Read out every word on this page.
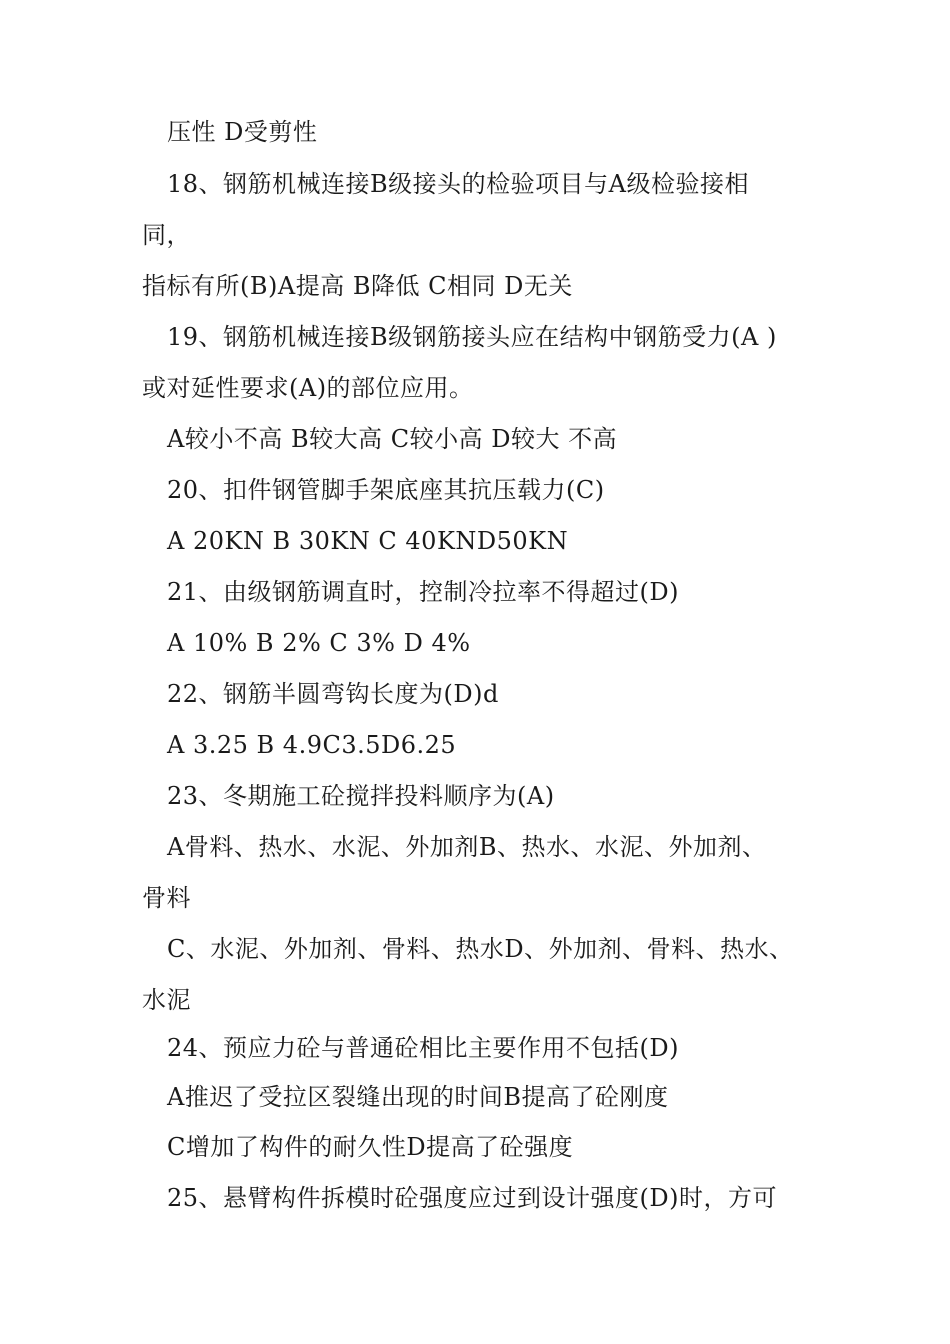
压性 D受剪性
18、钢筋机械连接B级接头的检验项目与A级检验接相
同，
指标有所(B)A提高 B降低 C相同 D无关
19、钢筋机械连接B级钢筋接头应在结构中钢筋受力(A )
或对延性要求(A)的部位应用。
A较小不高 B较大高 C较小高 D较大 不高
20、扣件钢管脚手架底座其抗压载力(C)
A 20KN B 30KN C 40KND50KN
21、由级钢筋调直时，控制冷拉率不得超过(D)
A 10% B 2% C 3% D 4%
22、钢筋半圆弯钩长度为(D)d
A 3.25 B 4.9C3.5D6.25
23、冬期施工砼搅拌投料顺序为(A)
A骨料、热水、水泥、外加剂B、热水、水泥、外加剂、
骨料
C、水泥、外加剂、骨料、热水D、外加剂、骨料、热水、
水泥
24、预应力砼与普通砼相比主要作用不包括(D)
A推迟了受拉区裂缝出现的时间B提高了砼刚度
C增加了构件的耐久性D提高了砼强度
25、悬臂构件拆模时砼强度应过到设计强度(D)时，方可
